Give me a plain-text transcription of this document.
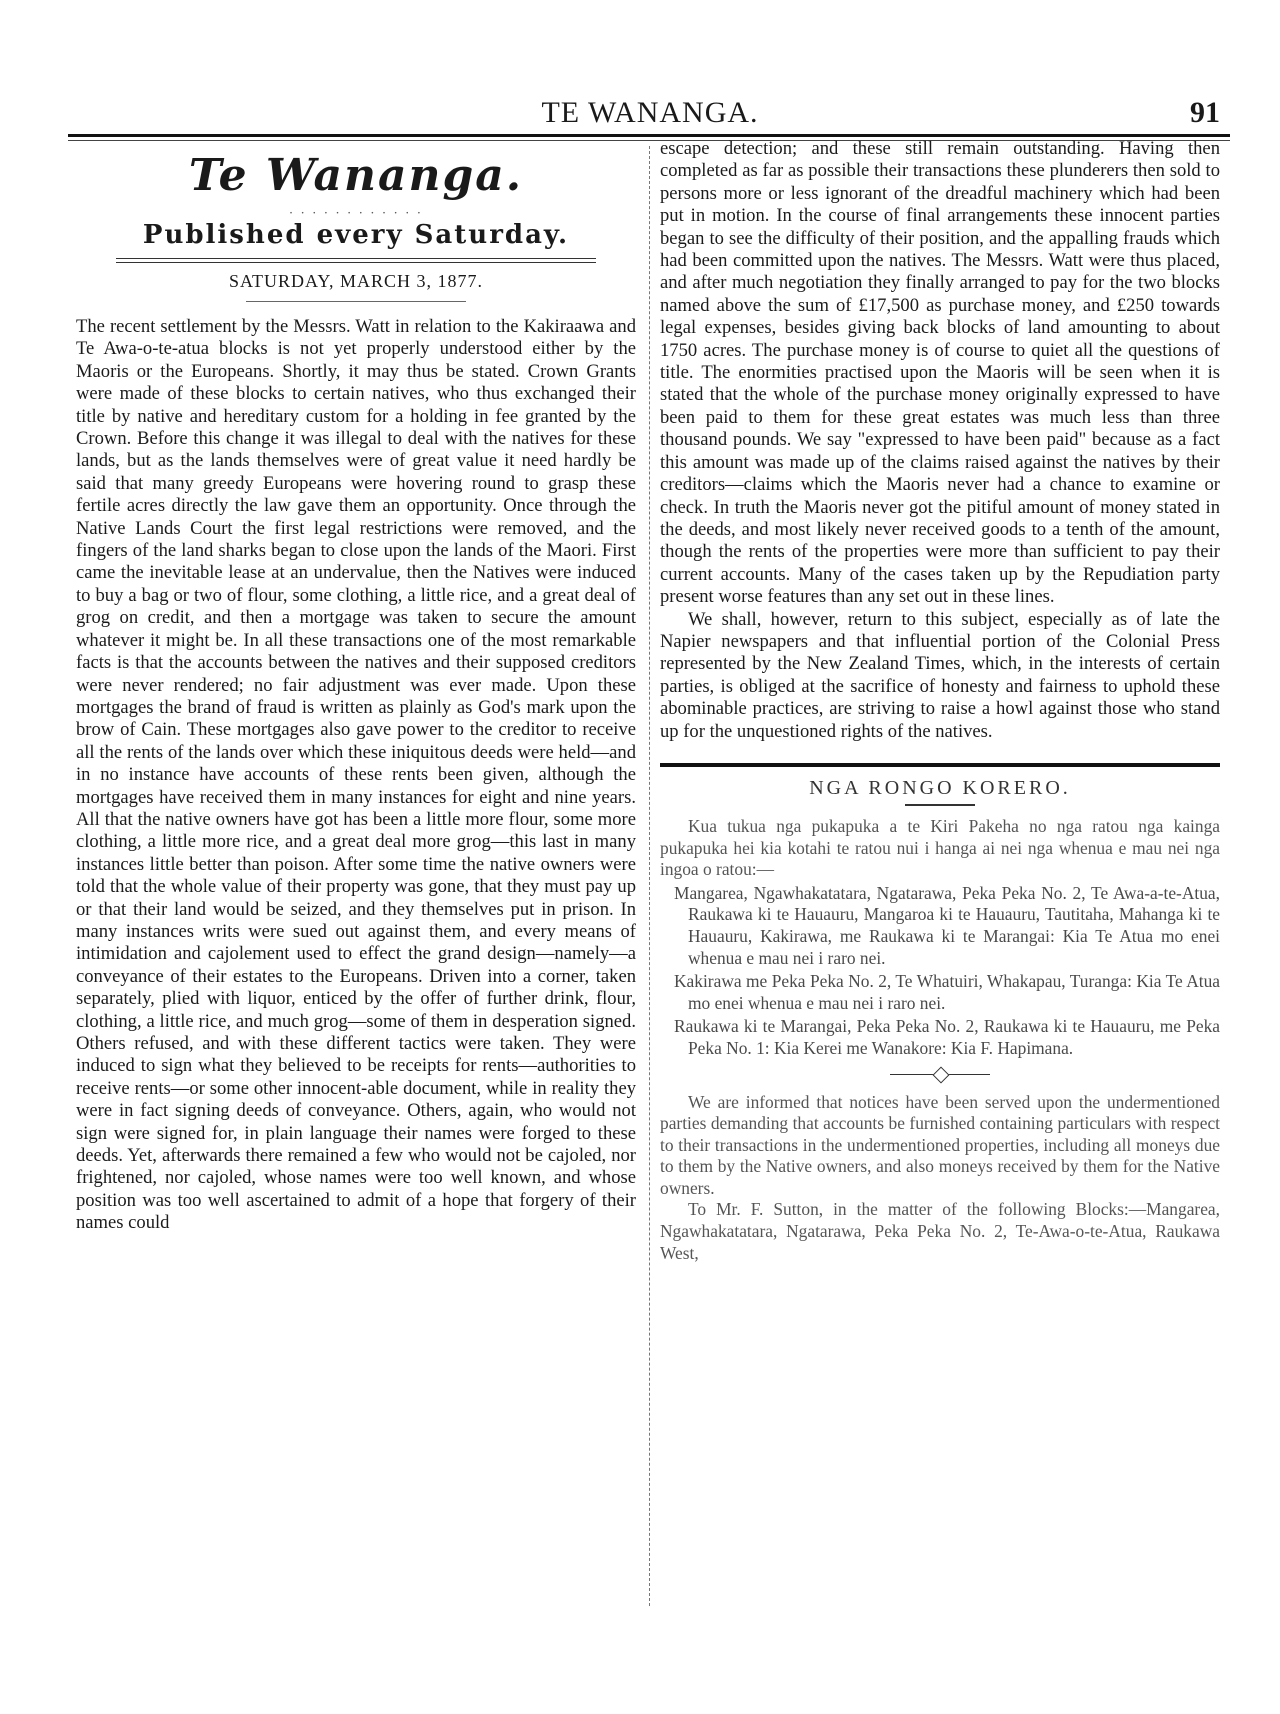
TE WANANGA.	91
Te Wananga.
· · · · · · · · · · · ·
Published every Saturday.
SATURDAY, MARCH 3, 1877.

The recent settlement by the Messrs. Watt in relation to the Kakiraawa and Te Awa-o-te-atua blocks is not yet properly understood either by the Maoris or the Europeans. Shortly, it may thus be stated. Crown Grants were made of these blocks to certain natives, who thus exchanged their title by native and hereditary custom for a holding in fee granted by the Crown. Before this change it was illegal to deal with the natives for these lands, but as the lands themselves were of great value it need hardly be said that many greedy Europeans were hovering round to grasp these fertile acres directly the law gave them an opportunity. Once through the Native Lands Court the first legal restrictions were removed, and the fingers of the land sharks began to close upon the lands of the Maori. First came the inevitable lease at an undervalue, then the Natives were induced to buy a bag or two of flour, some clothing, a little rice, and a great deal of grog on credit, and then a mortgage was taken to secure the amount whatever it might be. In all these transactions one of the most remarkable facts is that the accounts between the natives and their supposed creditors were never rendered; no fair adjustment was ever made. Upon these mortgages the brand of fraud is written as plainly as God's mark upon the brow of Cain. These mortgages also gave power to the creditor to receive all the rents of the lands over which these iniquitous deeds were held—and in no instance have accounts of these rents been given, although the mortgages have received them in many instances for eight and nine years. All that the native owners have got has been a little more flour, some more clothing, a little more rice, and a great deal more grog—this last in many instances little better than poison. After some time the native owners were told that the whole value of their property was gone, that they must pay up or that their land would be seized, and they themselves put in prison. In many instances writs were sued out against them, and every means of intimidation and cajolement used to effect the grand design—namely—a conveyance of their estates to the Europeans. Driven into a corner, taken separately, plied with liquor, enticed by the offer of further drink, flour, clothing, a little rice, and much grog—some of them in desperation signed. Others refused, and with these different tactics were taken. They were induced to sign what they believed to be receipts for rents—authorities to receive rents—or some other innocent-able document, while in reality they were in fact signing deeds of conveyance. Others, again, who would not sign were signed for, in plain language their names were forged to these deeds. Yet, afterwards there remained a few who would not be cajoled, nor frightened, nor cajoled, whose names were too well known, and whose position was too well ascertained to admit of a hope that forgery of their names could

escape detection; and these still remain outstanding. Having then completed as far as possible their transactions these plunderers then sold to persons more or less ignorant of the dreadful machinery which had been put in motion. In the course of final arrangements these innocent parties began to see the difficulty of their position, and the appalling frauds which had been committed upon the natives. The Messrs. Watt were thus placed, and after much negotiation they finally arranged to pay for the two blocks named above the sum of £17,500 as purchase money, and £250 towards legal expenses, besides giving back blocks of land amounting to about 1750 acres. The purchase money is of course to quiet all the questions of title. The enormities practised upon the Maoris will be seen when it is stated that the whole of the purchase money originally expressed to have been paid to them for these great estates was much less than three thousand pounds. We say "expressed to have been paid" because as a fact this amount was made up of the claims raised against the natives by their creditors—claims which the Maoris never had a chance to examine or check. In truth the Maoris never got the pitiful amount of money stated in the deeds, and most likely never received goods to a tenth of the amount, though the rents of the properties were more than sufficient to pay their current accounts. Many of the cases taken up by the Repudiation party present worse features than any set out in these lines.

We shall, however, return to this subject, especially as of late the Napier newspapers and that influential portion of the Colonial Press represented by the New Zealand Times, which, in the interests of certain parties, is obliged at the sacrifice of honesty and fairness to uphold these abominable practices, are striving to raise a howl against those who stand up for the unquestioned rights of the natives.

NGA RONGO KORERO.

Kua tukua nga pukapuka a te Kiri Pakeha no nga ratou nga kainga pukapuka hei kia kotahi te ratou nui i hanga ai nei nga whenua e mau nei nga ingoa o ratou:—

Mangarea, Ngawhakatatara, Ngatarawa, Peka Peka No. 2, Te Awa-a-te-Atua, Raukawa ki te Hauauru, Mangaroa ki te Hauauru, Tautitaha, Mahanga ki te Hauauru, Kakirawa, me Raukawa ki te Marangai: Kia Te Atua mo enei whenua e mau nei i raro nei.

Kakirawa me Peka Peka No. 2, Te Whatuiri, Whakapau, Turanga: Kia Te Atua mo enei whenua e mau nei i raro nei.

Raukawa ki te Marangai, Peka Peka No. 2, Raukawa ki te Hauauru, me Peka Peka No. 1: Kia Kerei me Wanakore: Kia F. Hapimana.

We are informed that notices have been served upon the undermentioned parties demanding that accounts be furnished containing particulars with respect to their transactions in the undermentioned properties, including all moneys due to them by the Native owners, and also moneys received by them for the Native owners.

To Mr. F. Sutton, in the matter of the following Blocks:—Mangarea, Ngawhakatatara, Ngatarawa, Peka Peka No. 2, Te-Awa-o-te-Atua, Raukawa West,
